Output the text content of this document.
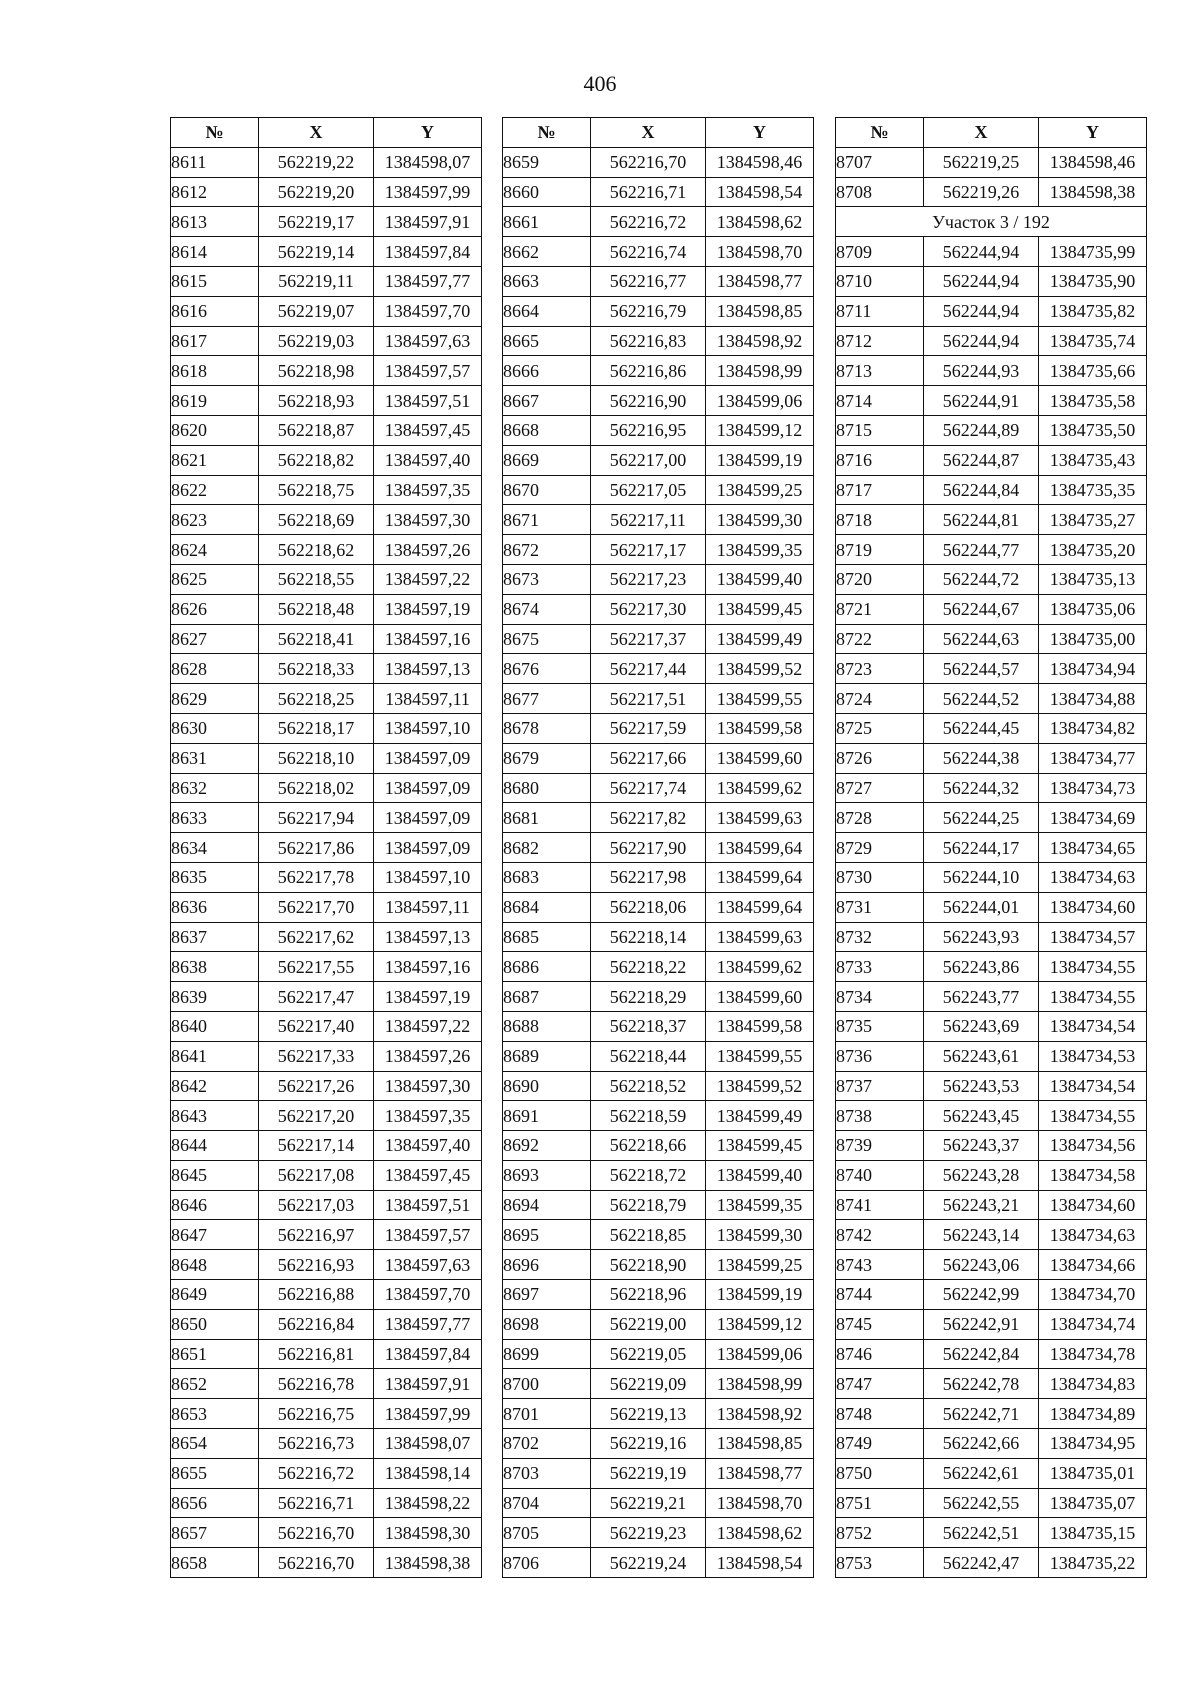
406
№	X	Y
8611	562219,22	1384598,07
8612	562219,20	1384597,99
8613	562219,17	1384597,91
8614	562219,14	1384597,84
8615	562219,11	1384597,77
8616	562219,07	1384597,70
8617	562219,03	1384597,63
8618	562218,98	1384597,57
8619	562218,93	1384597,51
8620	562218,87	1384597,45
8621	562218,82	1384597,40
8622	562218,75	1384597,35
8623	562218,69	1384597,30
8624	562218,62	1384597,26
8625	562218,55	1384597,22
8626	562218,48	1384597,19
8627	562218,41	1384597,16
8628	562218,33	1384597,13
8629	562218,25	1384597,11
8630	562218,17	1384597,10
8631	562218,10	1384597,09
8632	562218,02	1384597,09
8633	562217,94	1384597,09
8634	562217,86	1384597,09
8635	562217,78	1384597,10
8636	562217,70	1384597,11
8637	562217,62	1384597,13
8638	562217,55	1384597,16
8639	562217,47	1384597,19
8640	562217,40	1384597,22
8641	562217,33	1384597,26
8642	562217,26	1384597,30
8643	562217,20	1384597,35
8644	562217,14	1384597,40
8645	562217,08	1384597,45
8646	562217,03	1384597,51
8647	562216,97	1384597,57
8648	562216,93	1384597,63
8649	562216,88	1384597,70
8650	562216,84	1384597,77
8651	562216,81	1384597,84
8652	562216,78	1384597,91
8653	562216,75	1384597,99
8654	562216,73	1384598,07
8655	562216,72	1384598,14
8656	562216,71	1384598,22
8657	562216,70	1384598,30
8658	562216,70	1384598,38
№	X	Y
8659	562216,70	1384598,46
8660	562216,71	1384598,54
8661	562216,72	1384598,62
8662	562216,74	1384598,70
8663	562216,77	1384598,77
8664	562216,79	1384598,85
8665	562216,83	1384598,92
8666	562216,86	1384598,99
8667	562216,90	1384599,06
8668	562216,95	1384599,12
8669	562217,00	1384599,19
8670	562217,05	1384599,25
8671	562217,11	1384599,30
8672	562217,17	1384599,35
8673	562217,23	1384599,40
8674	562217,30	1384599,45
8675	562217,37	1384599,49
8676	562217,44	1384599,52
8677	562217,51	1384599,55
8678	562217,59	1384599,58
8679	562217,66	1384599,60
8680	562217,74	1384599,62
8681	562217,82	1384599,63
8682	562217,90	1384599,64
8683	562217,98	1384599,64
8684	562218,06	1384599,64
8685	562218,14	1384599,63
8686	562218,22	1384599,62
8687	562218,29	1384599,60
8688	562218,37	1384599,58
8689	562218,44	1384599,55
8690	562218,52	1384599,52
8691	562218,59	1384599,49
8692	562218,66	1384599,45
8693	562218,72	1384599,40
8694	562218,79	1384599,35
8695	562218,85	1384599,30
8696	562218,90	1384599,25
8697	562218,96	1384599,19
8698	562219,00	1384599,12
8699	562219,05	1384599,06
8700	562219,09	1384598,99
8701	562219,13	1384598,92
8702	562219,16	1384598,85
8703	562219,19	1384598,77
8704	562219,21	1384598,70
8705	562219,23	1384598,62
8706	562219,24	1384598,54
№	X	Y
8707	562219,25	1384598,46
8708	562219,26	1384598,38
Участок 3 / 192		
8709	562244,94	1384735,99
8710	562244,94	1384735,90
8711	562244,94	1384735,82
8712	562244,94	1384735,74
8713	562244,93	1384735,66
8714	562244,91	1384735,58
8715	562244,89	1384735,50
8716	562244,87	1384735,43
8717	562244,84	1384735,35
8718	562244,81	1384735,27
8719	562244,77	1384735,20
8720	562244,72	1384735,13
8721	562244,67	1384735,06
8722	562244,63	1384735,00
8723	562244,57	1384734,94
8724	562244,52	1384734,88
8725	562244,45	1384734,82
8726	562244,38	1384734,77
8727	562244,32	1384734,73
8728	562244,25	1384734,69
8729	562244,17	1384734,65
8730	562244,10	1384734,63
8731	562244,01	1384734,60
8732	562243,93	1384734,57
8733	562243,86	1384734,55
8734	562243,77	1384734,55
8735	562243,69	1384734,54
8736	562243,61	1384734,53
8737	562243,53	1384734,54
8738	562243,45	1384734,55
8739	562243,37	1384734,56
8740	562243,28	1384734,58
8741	562243,21	1384734,60
8742	562243,14	1384734,63
8743	562243,06	1384734,66
8744	562242,99	1384734,70
8745	562242,91	1384734,74
8746	562242,84	1384734,78
8747	562242,78	1384734,83
8748	562242,71	1384734,89
8749	562242,66	1384734,95
8750	562242,61	1384735,01
8751	562242,55	1384735,07
8752	562242,51	1384735,15
8753	562242,47	1384735,22
